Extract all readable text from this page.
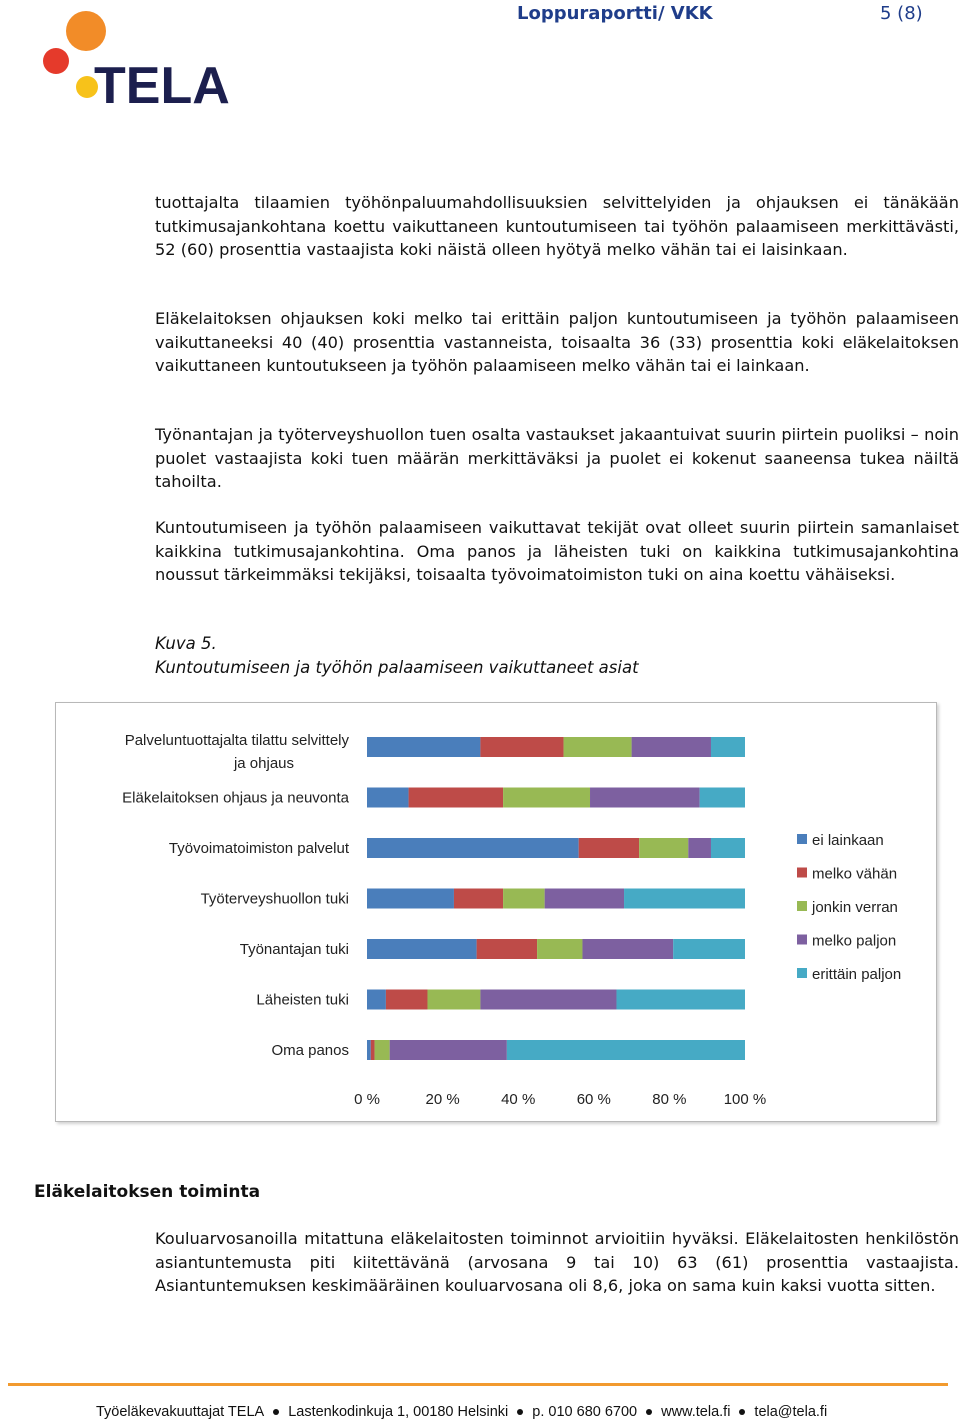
Loppuraportti/ VKK	5 (8)
TELA
tuottajalta tilaamien työhönpaluumahdollisuuksien selvittelyiden ja ohjauksen ei tänäkään tutkimusajankohtana koettu vaikuttaneen kuntoutumiseen tai työhön palaamiseen merkittävästi, 52 (60) prosenttia vastaajista koki näistä olleen hyötyä melko vähän tai ei laisinkaan.
Eläkelaitoksen ohjauksen koki melko tai erittäin paljon kuntoutumiseen ja työhön palaamiseen vaikuttaneeksi 40 (40) prosenttia vastanneista, toisaalta 36 (33) prosenttia koki eläkelaitoksen vaikuttaneen kuntoutukseen ja työhön palaamiseen melko vähän tai ei lainkaan.
Työnantajan ja työterveyshuollon tuen osalta vastaukset jakaantuivat suurin piirtein puoliksi – noin puolet vastaajista koki tuen määrän merkittäväksi ja puolet ei kokenut saaneensa tukea näiltä tahoilta.
Kuntoutumiseen ja työhön palaamiseen vaikuttavat tekijät ovat olleet suurin piirtein samanlaiset kaikkina tutkimusajankohtina. Oma panos ja läheisten tuki on kaikkina tutkimusajankohtina noussut tärkeimmäksi tekijäksi, toisaalta työvoimatoimiston tuki on aina koettu vähäiseksi.
Kuva 5.
Kuntoutumiseen ja työhön palaamiseen vaikuttaneet asiat
Palveluntuottajalta tilattu selvittely ja ohjaus
Eläkelaitoksen ohjaus ja neuvonta
Työvoimatoimiston palvelut
Työterveyshuollon tuki
Työnantajan tuki
Läheisten tuki
Oma panos
0 %	20 %	40 %	60 %	80 % 100 %
ei lainkaan
melko vähän
jonkin verran
melko paljon
erittäin paljon
Eläkelaitoksen toiminta
Kouluarvosanoilla mitattuna eläkelaitosten toiminnot arvioitiin hyväksi. Eläkelaitosten henkilöstön asiantuntemusta piti kiitettävänä (arvosana 9 tai 10) 63 (61) prosenttia vastaajista. Asiantuntemuksen keskimääräinen kouluarvosana oli 8,6, joka on sama kuin kaksi vuotta sitten.
Työeläkevakuuttajat TELA Lastenkodinkuja 1, 00180 Helsinki p. 010 680 6700 www.tela.fi tela@tela.fi
